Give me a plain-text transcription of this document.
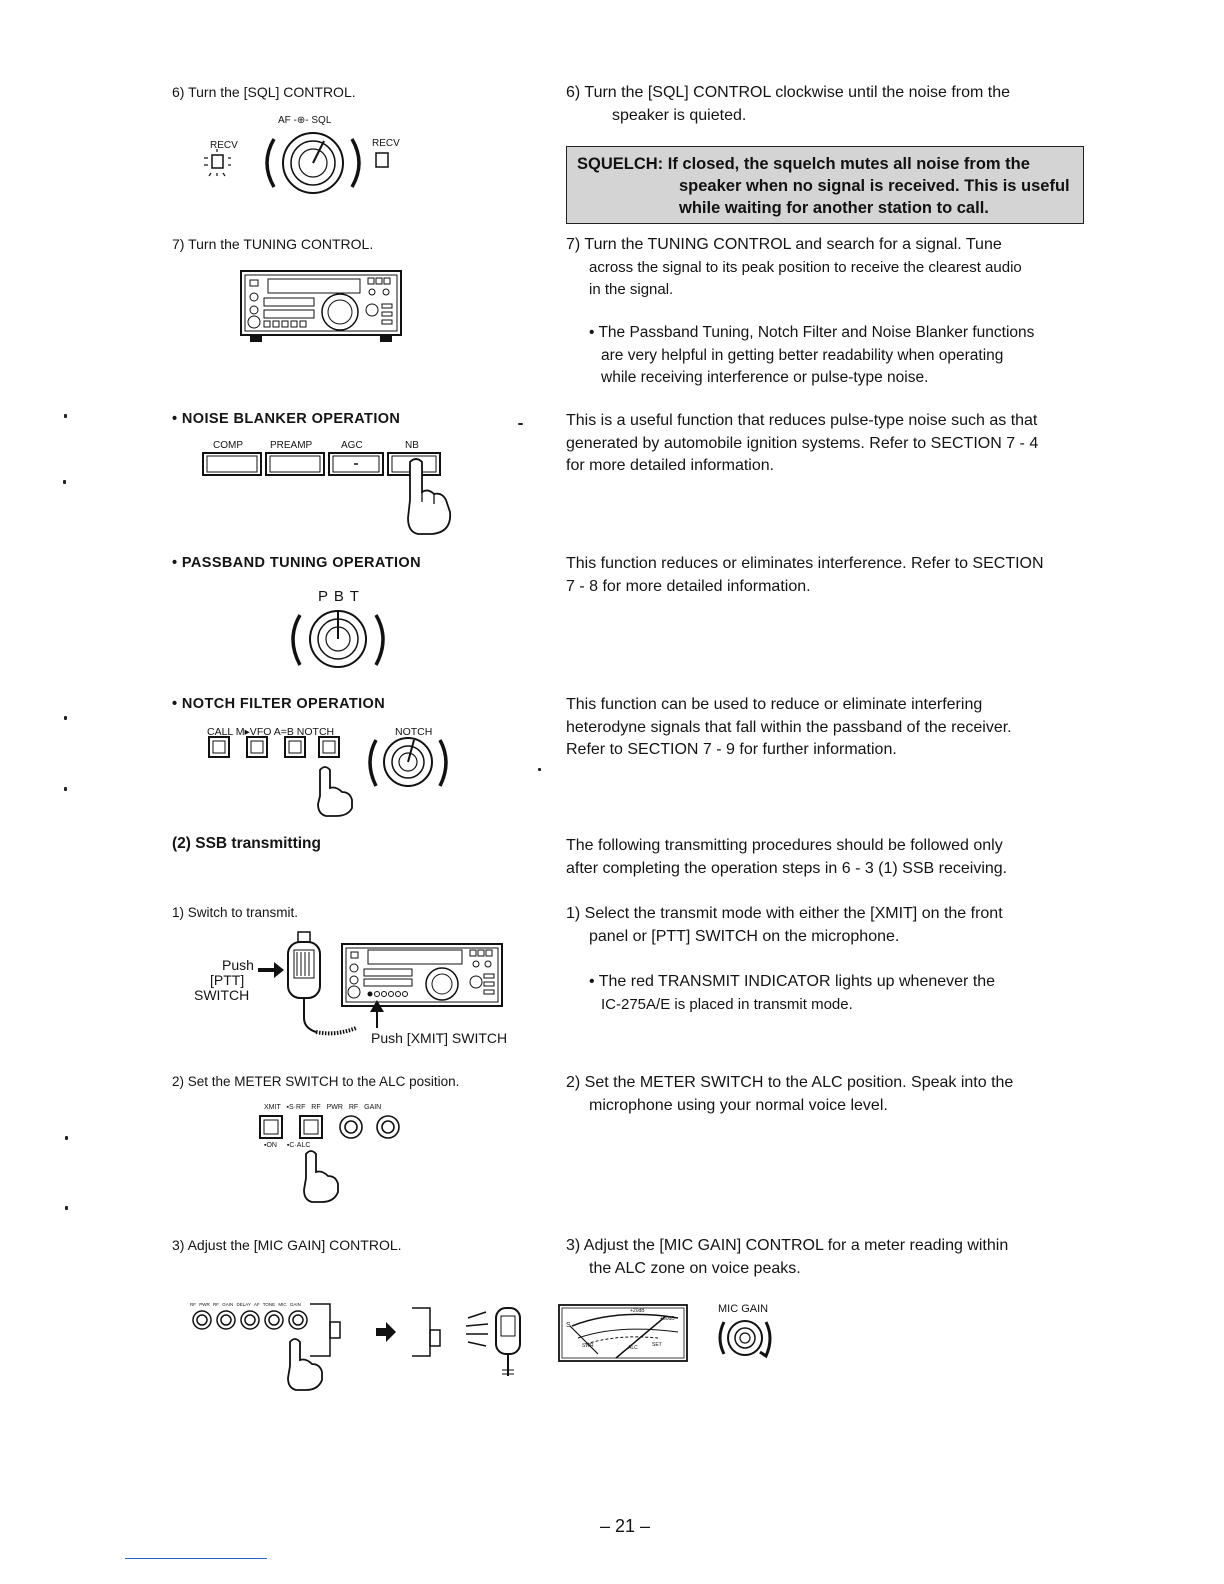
6) Turn the [SQL] CONTROL.
AF -⊕- SQL
RECV	RECV
6) Turn the [SQL] CONTROL clockwise until the noise from the
speaker is quieted.
SQUELCH: If closed, the squelch mutes all noise from the
speaker when no signal is received. This is useful
while waiting for another station to call.
7) Turn the TUNING CONTROL.	7) Turn the TUNING CONTROL and search for a signal. Tune
across the signal to its peak position to receive the clearest audio
in the signal.
• The Passband Tuning, Notch Filter and Noise Blanker functions
are very helpful in getting better readability when operating
while receiving interference or pulse-type noise.
• NOISE BLANKER OPERATION
COMP	PREAMP	AGC	NB
This is a useful function that reduces pulse-type noise such as that
generated by automobile ignition systems. Refer to SECTION 7 - 4
for more detailed information.
• PASSBAND TUNING OPERATION
P B T
This function reduces or eliminates interference. Refer to SECTION
7 - 8 for more detailed information.
• NOTCH FILTER OPERATION
CALL M▸VFO A=B NOTCH	NOTCH
This function can be used to reduce or eliminate interfering
heterodyne signals that fall within the passband of the receiver.
Refer to SECTION 7 - 9 for further information.
(2) SSB transmitting	The following transmitting procedures should be followed only
after completing the operation steps in 6 - 3 (1) SSB receiving.
1) Switch to transmit.
Push
[PTT]
SWITCH
Push [XMIT] SWITCH
1) Select the transmit mode with either the [XMIT] on the front
panel or [PTT] SWITCH on the microphone.
• The red TRANSMIT INDICATOR lights up whenever the
IC-275A/E is placed in transmit mode.
2) Set the METER SWITCH to the ALC position.
XMIT ▪S·RF RF PWR RF GAIN
▪ON ▪C·ALC
2) Set the METER SWITCH to the ALC position. Speak into the
microphone using your normal voice level.
3) Adjust the [MIC GAIN] CONTROL.
RF PWR RF GAIN DELAY AF TONE MIC GAIN
3) Adjust the [MIC GAIN] CONTROL for a meter reading within
the ALC zone on voice peaks.
+20dB
+60dB
S
ALC	SET
SWR
MIC GAIN
– 21 –
